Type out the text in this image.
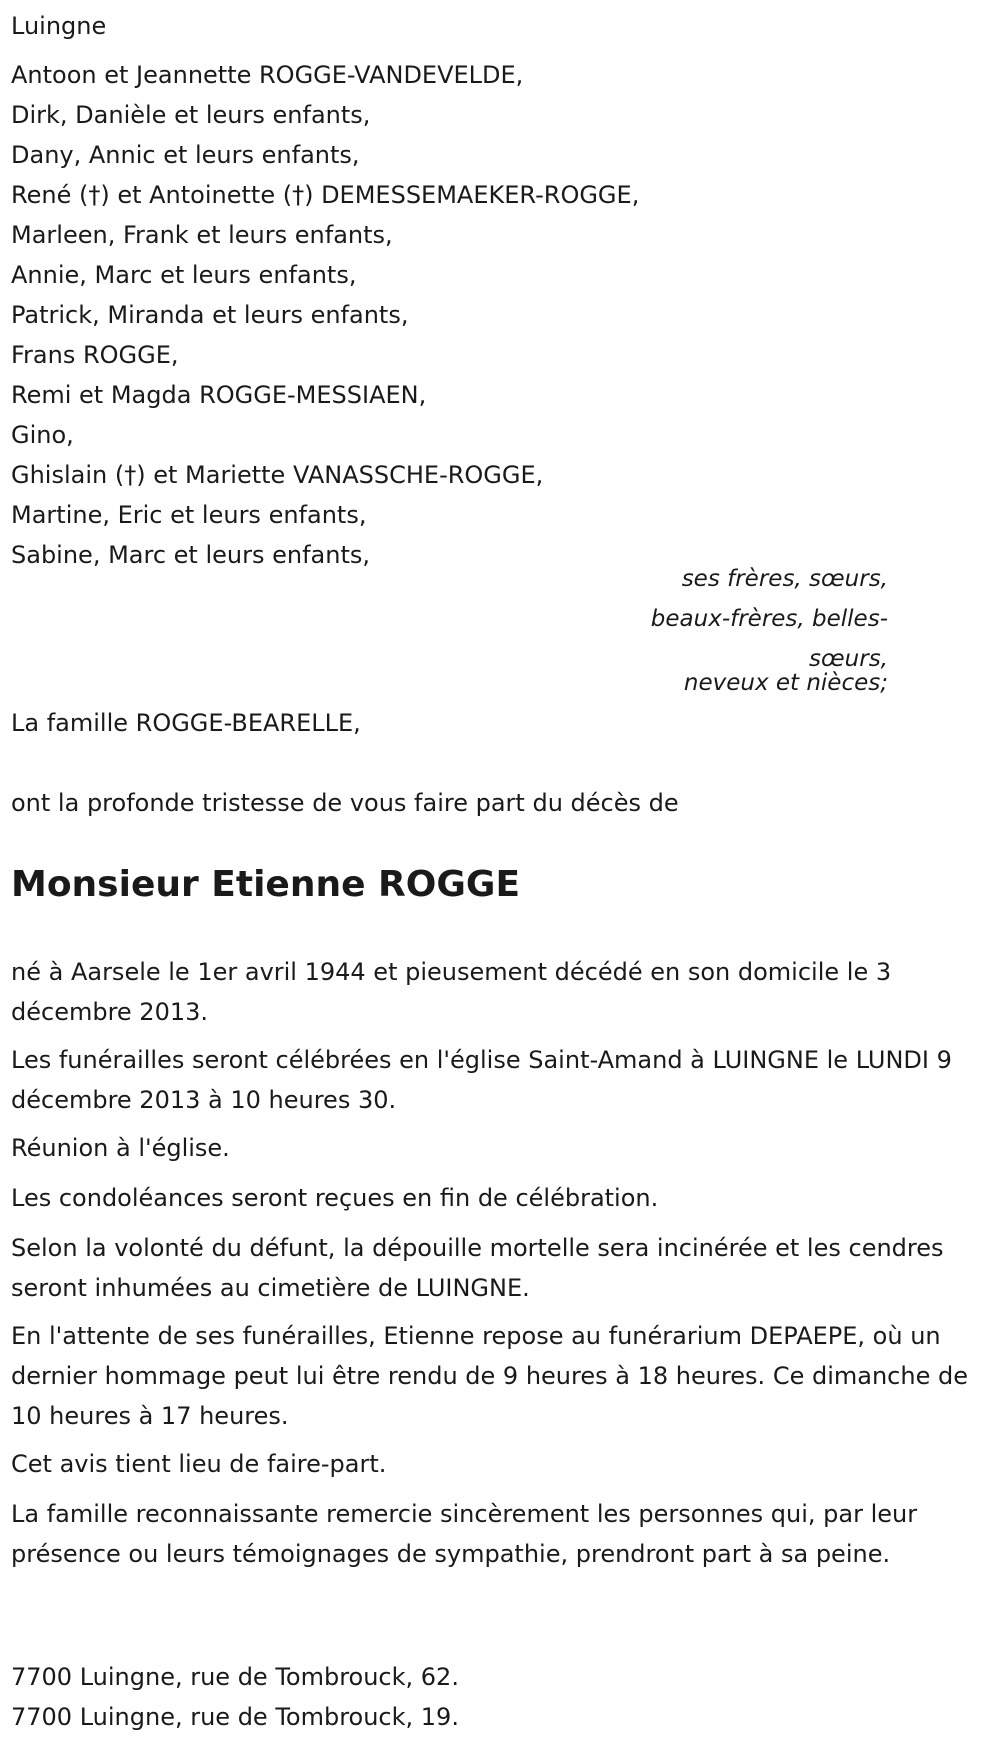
Luingne
Antoon et Jeannette ROGGE-VANDEVELDE,
Dirk, Danièle et leurs enfants,
Dany, Annic et leurs enfants,
René (†) et Antoinette (†) DEMESSEMAEKER-ROGGE,
Marleen, Frank et leurs enfants,
Annie, Marc et leurs enfants,
Patrick, Miranda et leurs enfants,
Frans ROGGE,
Remi et Magda ROGGE-MESSIAEN,
Gino,
Ghislain (†) et Mariette VANASSCHE-ROGGE,
Martine, Eric et leurs enfants,
Sabine, Marc et leurs enfants,
ses frères, sœurs,
beaux-frères, belles-
sœurs,
neveux et nièces;
La famille ROGGE-BEARELLE,
ont la profonde tristesse de vous faire part du décès de
Monsieur Etienne ROGGE
né à Aarsele le 1er avril 1944 et pieusement décédé en son domicile le 3 décembre 2013.
Les funérailles seront célébrées en l'église Saint-Amand à LUINGNE le LUNDI 9 décembre 2013 à 10 heures 30.
Réunion à l'église.
Les condoléances seront reçues en fin de célébration.
Selon la volonté du défunt, la dépouille mortelle sera incinérée et les cendres seront inhumées au cimetière de LUINGNE.
En l'attente de ses funérailles, Etienne repose au funérarium DEPAEPE, où un dernier hommage peut lui être rendu de 9 heures à 18 heures. Ce dimanche de 10 heures à 17 heures.
Cet avis tient lieu de faire-part.
La famille reconnaissante remercie sincèrement les personnes qui, par leur présence ou leurs témoignages de sympathie, prendront part à sa peine.
7700 Luingne, rue de Tombrouck, 62.
7700 Luingne, rue de Tombrouck, 19.
